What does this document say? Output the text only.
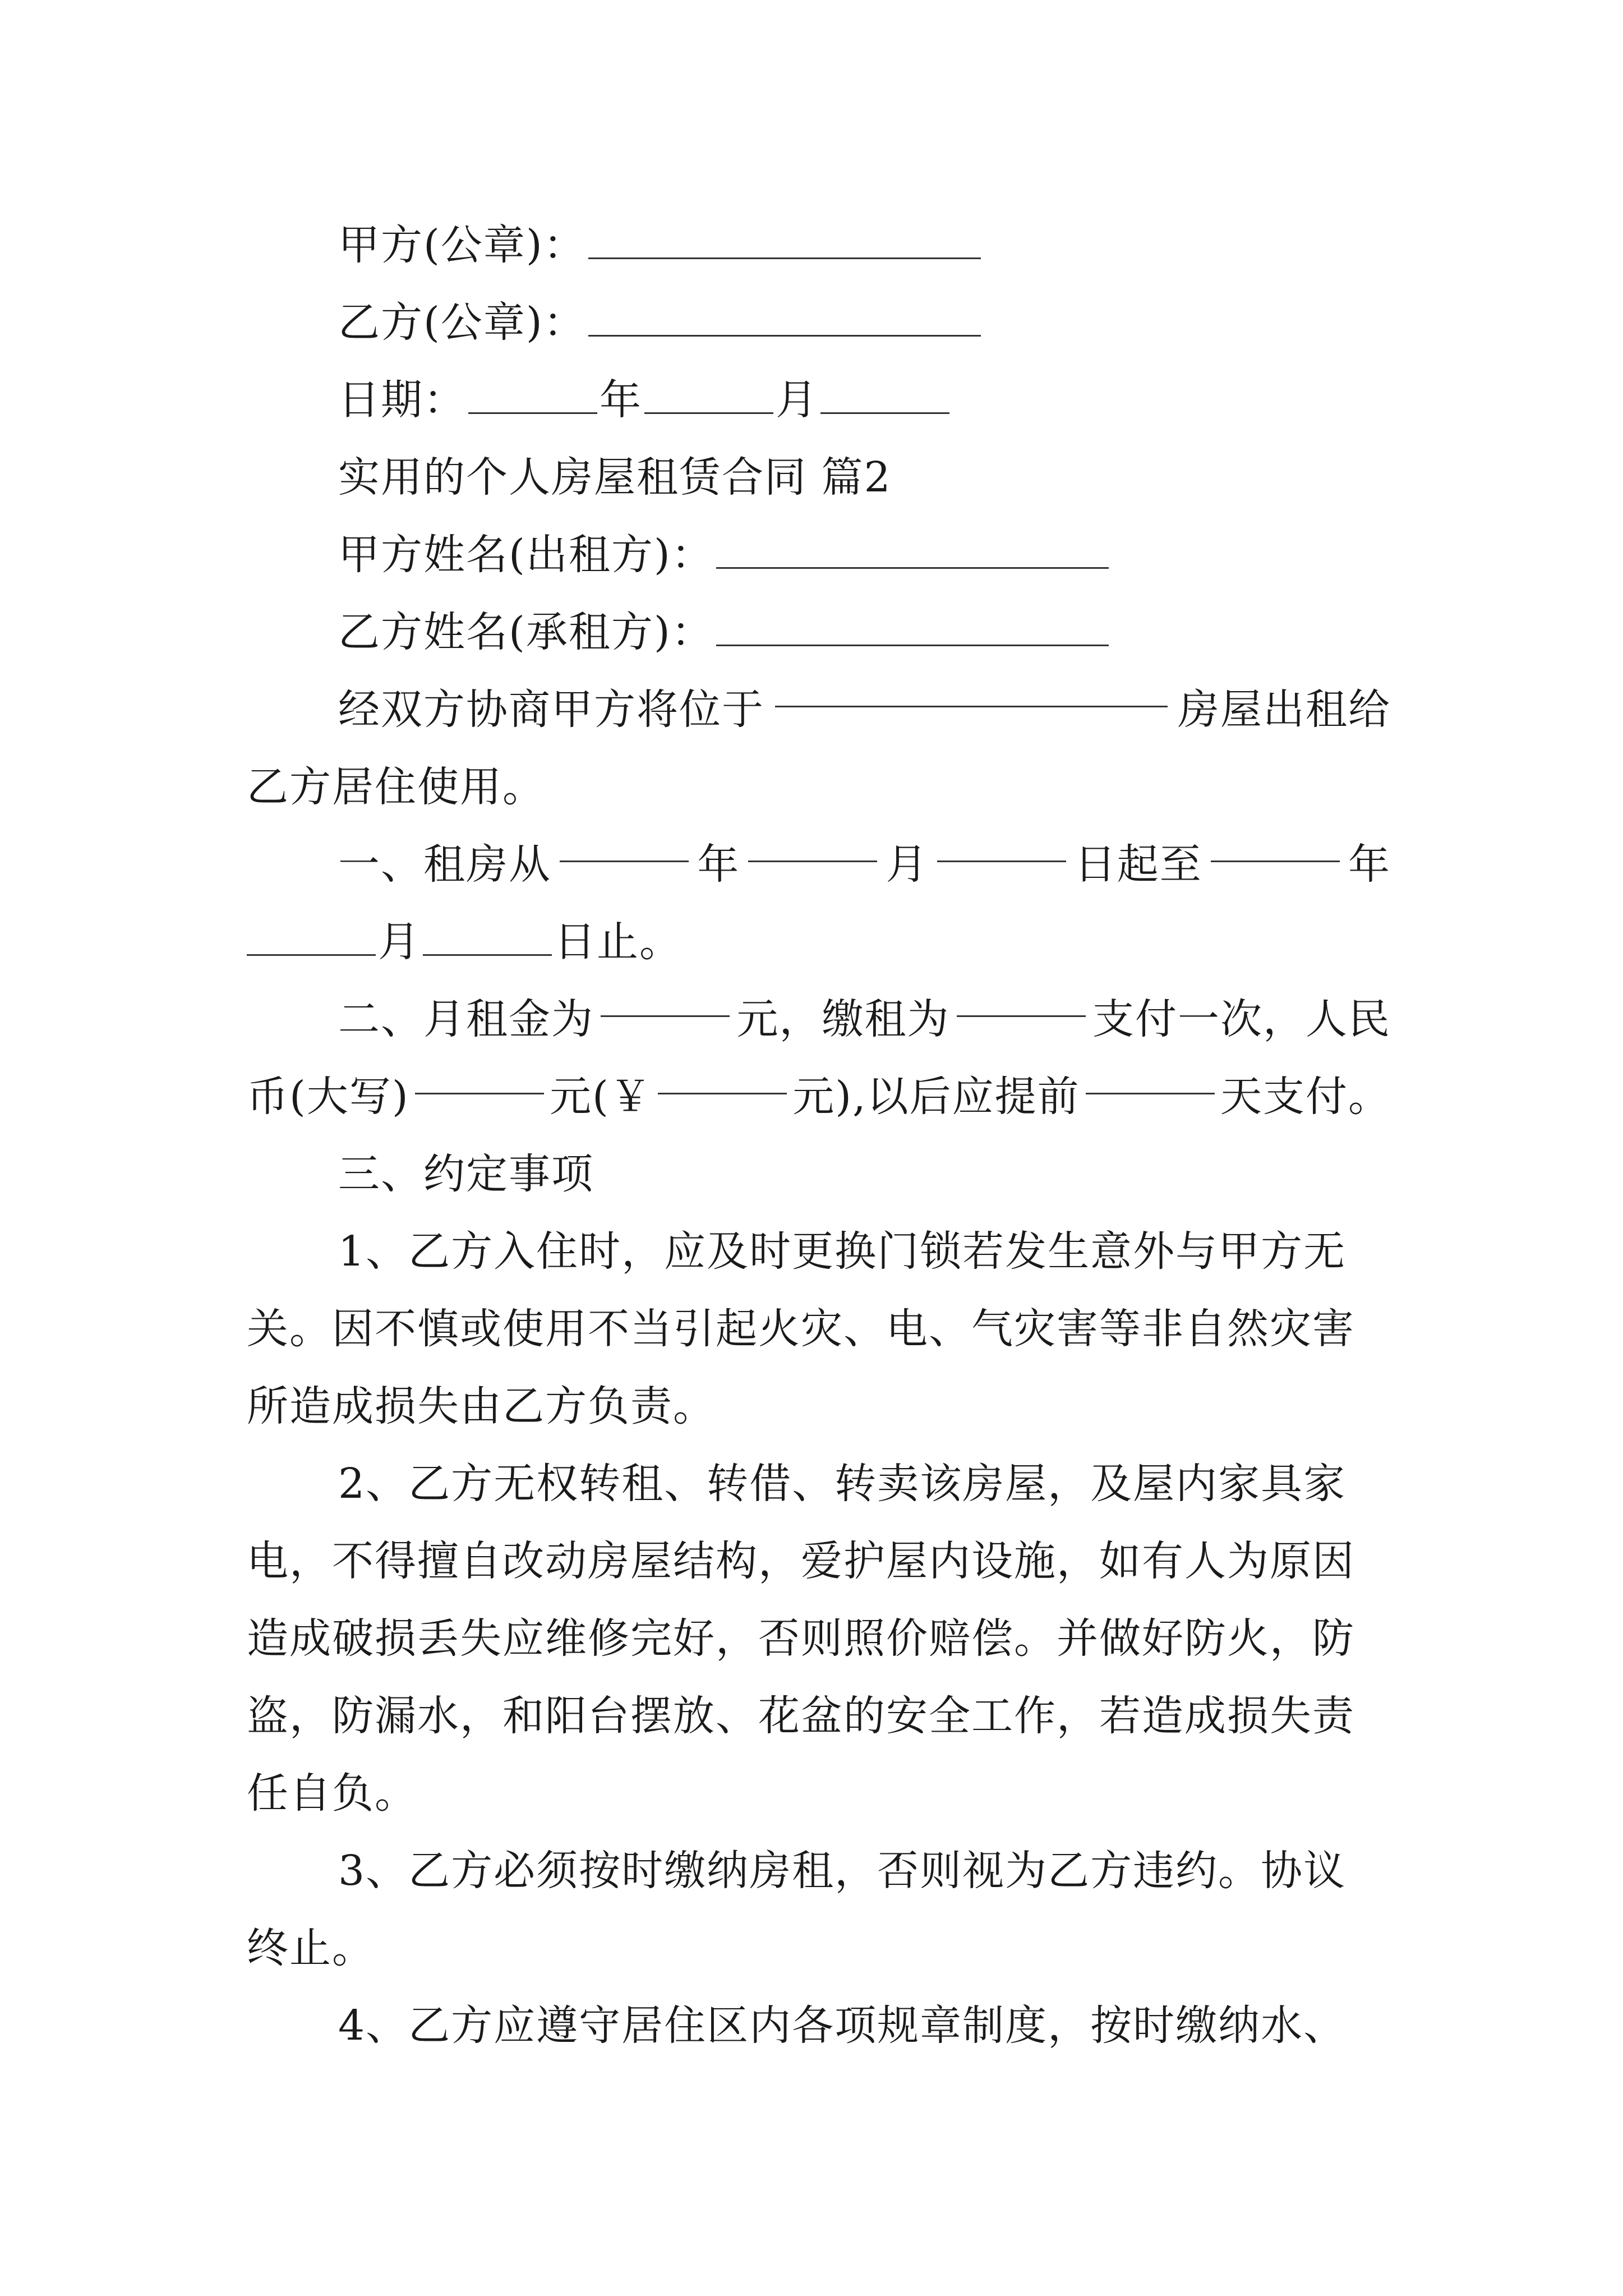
甲方(公章)：
乙方(公章)：
日期：	年	月
实用的个人房屋租赁合同 篇2
甲方姓名(出租方)：
乙方姓名(承租方)：
经双方协商甲方将位于	房屋出租给
乙方居住使用。
一、租房从	年	月	日起至	年
月	日止。
二、月租金为	元，缴租为	支付一次，人民
币(大写)	元(￥	元),以后应提前	天支付。
三、约定事项
1、乙方入住时，应及时更换门锁若发生意外与甲方无
关。因不慎或使用不当引起火灾、电、气灾害等非自然灾害
所造成损失由乙方负责。
2、乙方无权转租、转借、转卖该房屋，及屋内家具家
电，不得擅自改动房屋结构，爱护屋内设施，如有人为原因
造成破损丢失应维修完好，否则照价赔偿。并做好防火，防
盗，防漏水，和阳台摆放、花盆的安全工作，若造成损失责
任自负。
3、乙方必须按时缴纳房租，否则视为乙方违约。协议
终止。
4、乙方应遵守居住区内各项规章制度，按时缴纳水、
